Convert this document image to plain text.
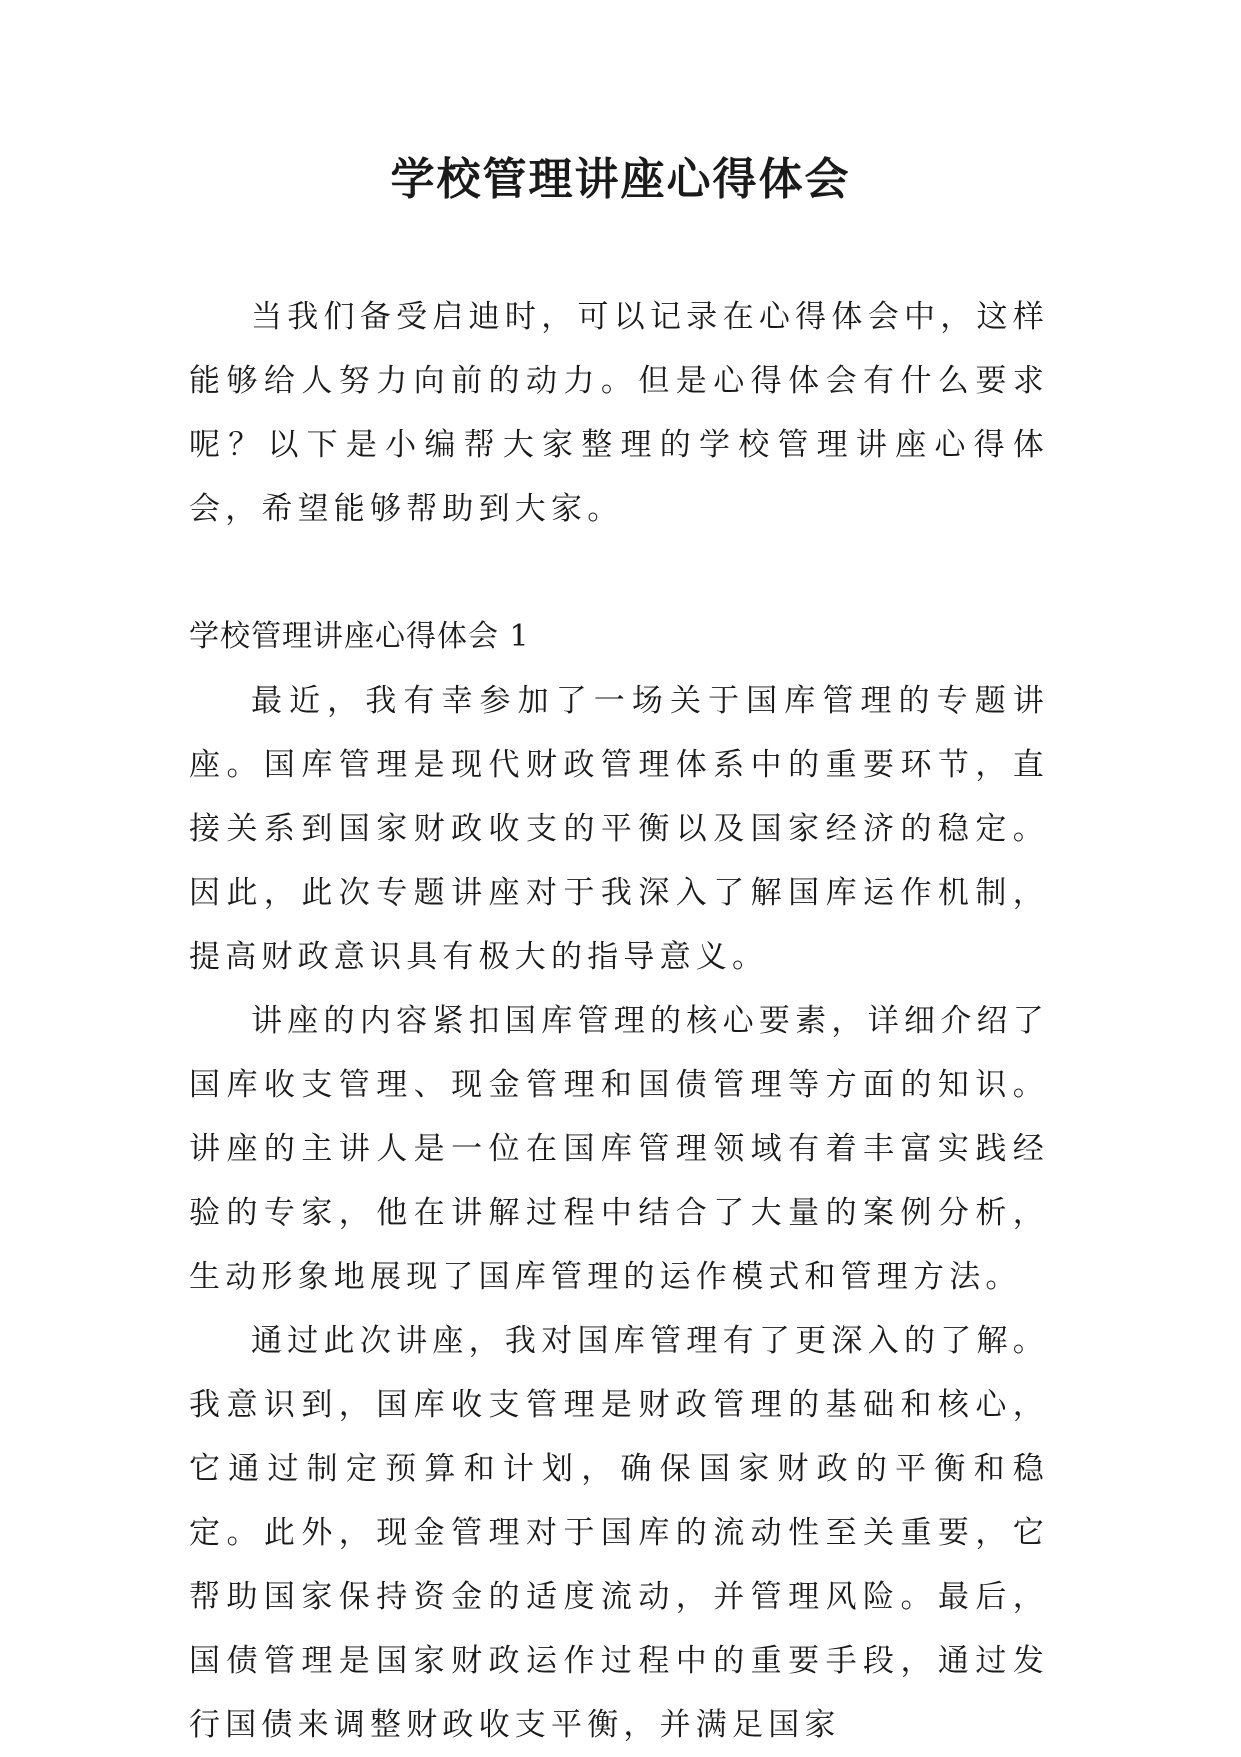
学校管理讲座心得体会

当我们备受启迪时，可以记录在心得体会中，这样能够给人努力向前的动力。但是心得体会有什么要求呢？以下是小编帮大家整理的学校管理讲座心得体会，希望能够帮助到大家。

学校管理讲座心得体会 1

最近，我有幸参加了一场关于国库管理的专题讲座。国库管理是现代财政管理体系中的重要环节，直接关系到国家财政收支的平衡以及国家经济的稳定。因此，此次专题讲座对于我深入了解国库运作机制，提高财政意识具有极大的指导意义。

讲座的内容紧扣国库管理的核心要素，详细介绍了国库收支管理、现金管理和国债管理等方面的知识。讲座的主讲人是一位在国库管理领域有着丰富实践经验的专家，他在讲解过程中结合了大量的案例分析，生动形象地展现了国库管理的运作模式和管理方法。

通过此次讲座，我对国库管理有了更深入的了解。我意识到，国库收支管理是财政管理的基础和核心，它通过制定预算和计划，确保国家财政的平衡和稳定。此外，现金管理对于国库的流动性至关重要，它帮助国家保持资金的适度流动，并管理风险。最后，国债管理是国家财政运作过程中的重要手段，通过发行国债来调整财政收支平衡，并满足国家
